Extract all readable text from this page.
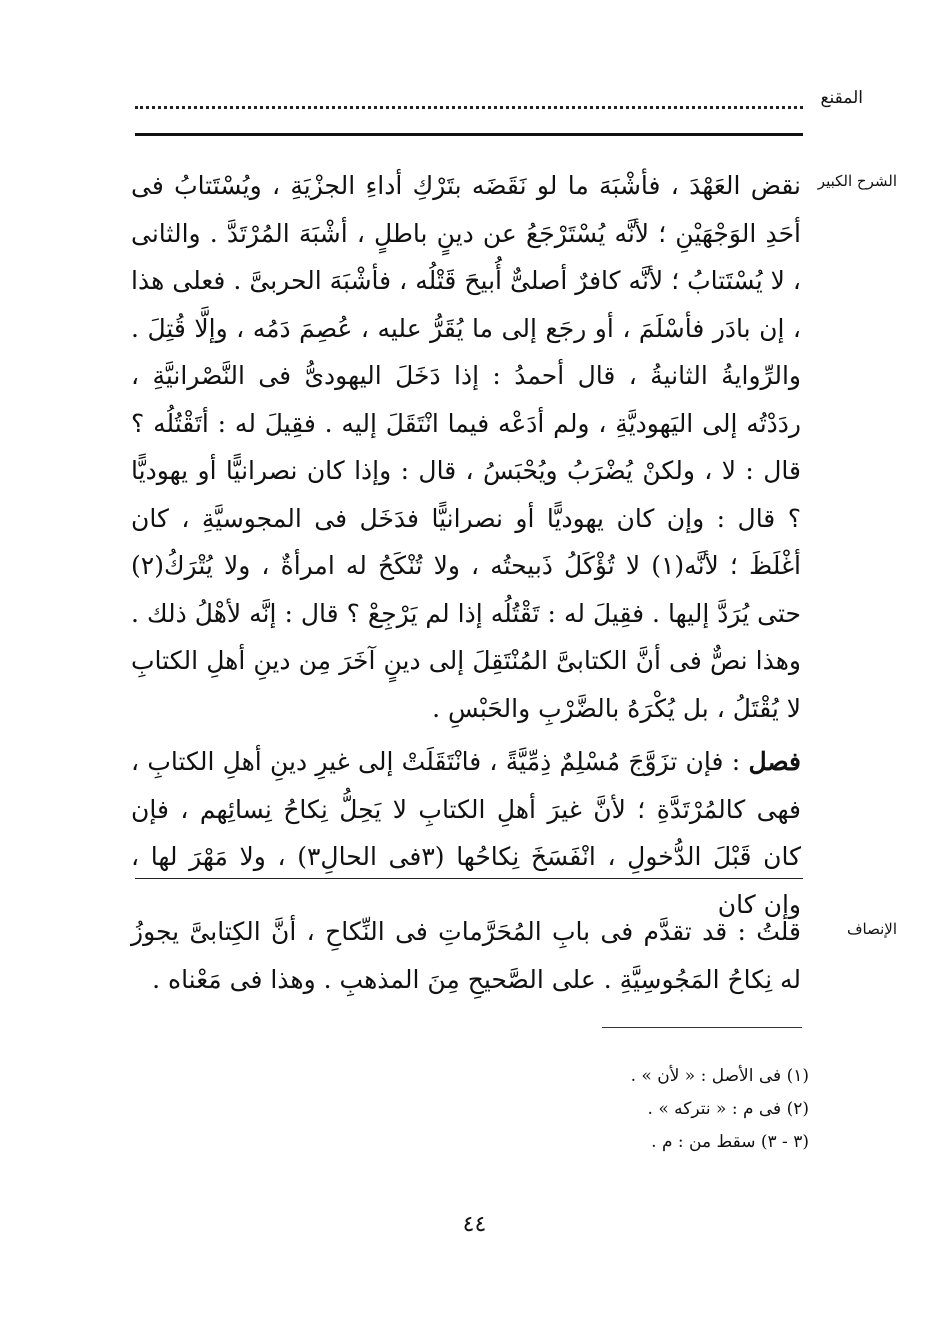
المقنع
الشرح الكبير

نقض العَهْدَ ، فأشْبَهَ ما لو نَقَضَه بتَرْكِ أداءِ الجزْيَةِ ، ويُسْتَتابُ فى أحَدِ الوَجْهَيْنِ ؛ لأنَّه يُسْتَرْجَعُ عن دينٍ باطلٍ ، أشْبَهَ المُرْتَدَّ . والثانى ، لا يُسْتَتابُ ؛ لأنَّه كافرٌ أصلىٌّ أُبيحَ قَتْلُه ، فأشْبَهَ الحربىَّ . فعلى هذا ، إن بادَر فأسْلَمَ ، أو رجَع إلى ما يُقَرُّ عليه ، عُصِمَ دَمُه ، وإلَّا قُتِلَ . والرِّوايةُ الثانيةُ ، قال أحمدُ : إذا دَخَلَ اليهودىُّ فى النَّصْرانيَّةِ ، ردَدْتُه إلى اليَهوديَّةِ ، ولم أدَعْه فيما انْتَقَلَ إليه . فقِيلَ له : أتَقْتُلُه ؟ قال : لا ، ولكنْ يُضْرَبُ ويُحْبَسُ ، قال : وإذا كان نصرانيًّا أو يهوديًّا ؟ قال : وإن كان يهوديًّا أو نصرانيًّا فدَخَل فى المجوسيَّةِ ، كان أغْلَظَ ؛ لأنَّه(١) لا تُؤْكَلُ ذَبيحتُه ، ولا تُنْكَحُ له امرأةٌ ، ولا يُتْرَكُ(٢) حتى يُرَدَّ إليها . فقِيلَ له : تَقْتُلُه إذا لم يَرْجِعْ ؟ قال : إنَّه لأهْلُ ذلك . وهذا نصٌّ فى أنَّ الكتابىَّ المُنْتَقِلَ إلى دينٍ آخَرَ مِن دينِ أهلِ الكتابِ لا يُقْتَلُ ، بل يُكْرَهُ بالضَّرْبِ والحَبْسِ .

فصل : فإن تزَوَّجَ مُسْلِمٌ ذِمِّيَّةً ، فانْتَقَلَتْ إلى غيرِ دينِ أهلِ الكتابِ ، فهى كالمُرْتَدَّةِ ؛ لأنَّ غيرَ أهلِ الكتابِ لا يَحِلُّ نِكاحُ نِسائِهم ، فإن كان قَبْلَ الدُّخولِ ، انْفَسَخَ نِكاحُها (٣فى الحالِ٣) ، ولا مَهْرَ لها ، وإن كان

الإنصاف

قلتُ : قد تقدَّم فى بابِ المُحَرَّماتِ فى النِّكاحِ ، أنَّ الكِتابىَّ يجوزُ له نِكاحُ المَجُوسِيَّةِ . على الصَّحيحِ مِنَ المذهبِ . وهذا فى مَعْناه .

(١) فى الأصل : « لأن » .

(٢) فى م : « نتركه » .

(٣ - ٣) سقط من : م .

٤٤
